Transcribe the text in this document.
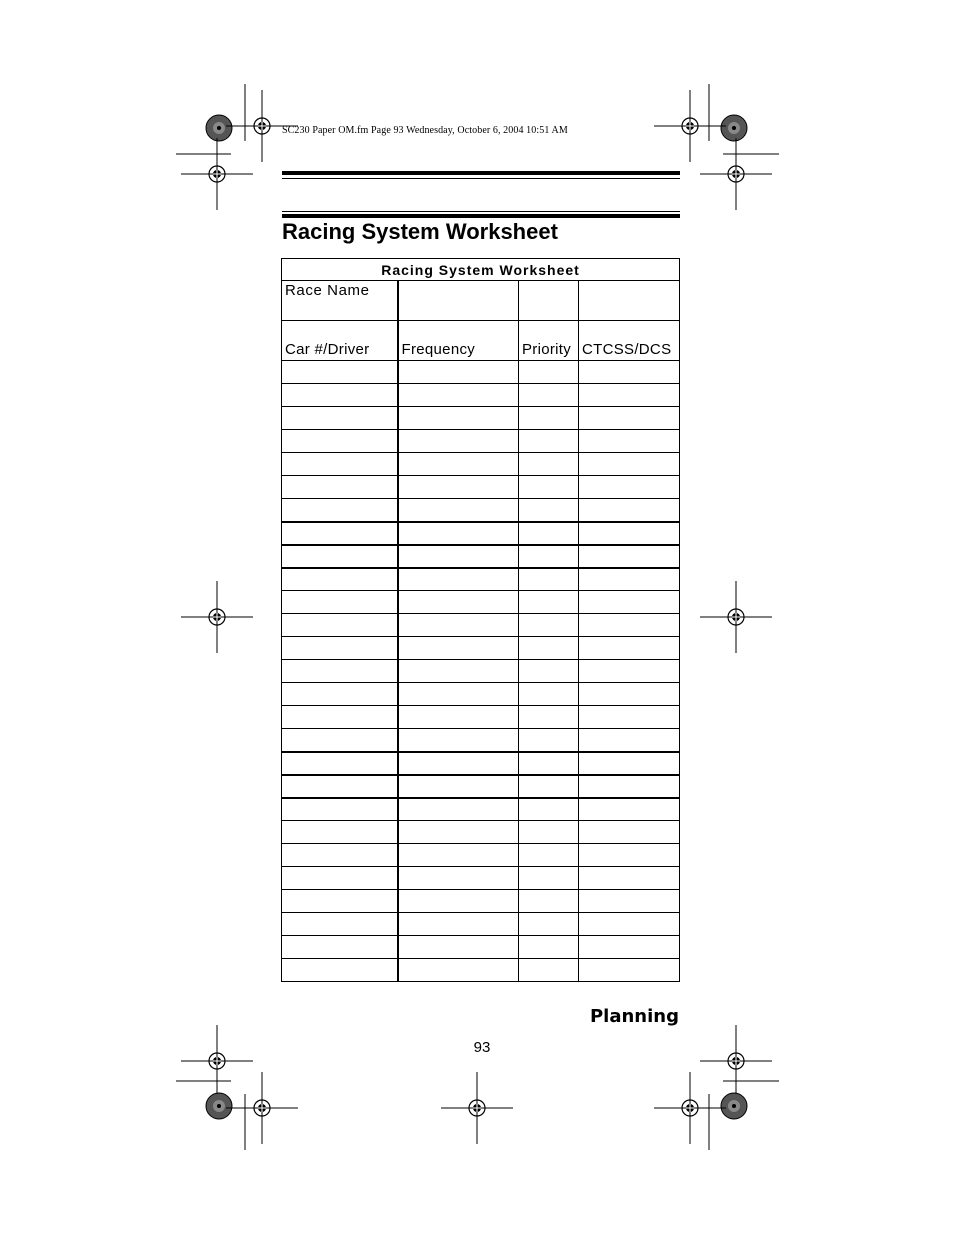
SC230 Paper OM.fm Page 93 Wednesday, October 6, 2004 10:51 AM
Racing System Worksheet
Racing System Worksheet			
Race Name			
Car #/Driver	Frequency	Priority	CTCSS/DCS

Planning
93
